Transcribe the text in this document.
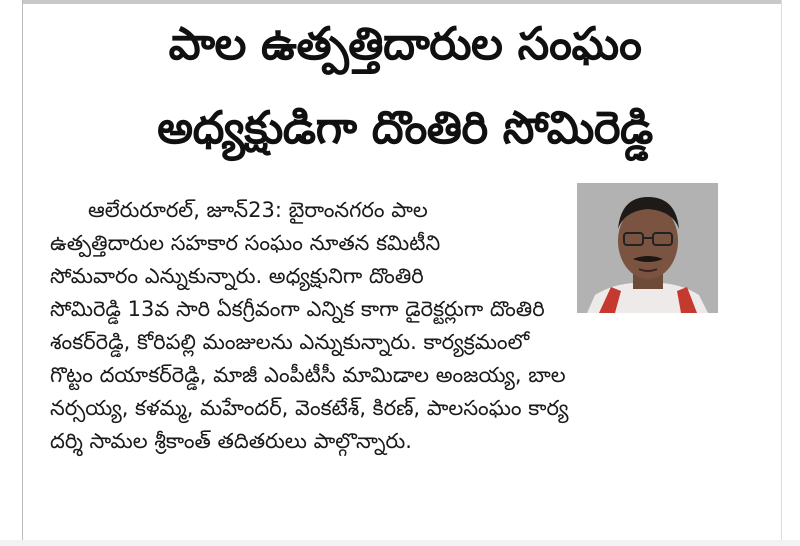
పాల ఉత్పత్తిదారుల సంఘం
అధ్యక్షుడిగా దొంతిరి సోమిరెడ్డి
ఆలేరురూరల్, జూన్23: బైరాంనగరం పాల
ఉత్పత్తిదారుల సహకార సంఘం నూతన కమిటీని
సోమవారం ఎన్నుకున్నారు. అధ్యక్షునిగా దొంతిరి
సోమిరెడ్డి 13వ సారి ఏకగ్రీవంగా ఎన్నిక కాగా డైరెక్టర్లుగా దొంతిరి
శంకర్‌రెడ్డి, కోరిపల్లి మంజులను ఎన్నుకున్నారు. కార్యక్రమంలో
గొట్టం దయాకర్‌రెడ్డి, మాజీ ఎంపీటీసీ మామిడాల అంజయ్య, బాల
నర్సయ్య, కళమ్మ, మహేందర్, వెంకటేశ్, కిరణ్, పాలసంఘం కార్య
దర్శి సామల శ్రీకాంత్ తదితరులు పాల్గొన్నారు.
